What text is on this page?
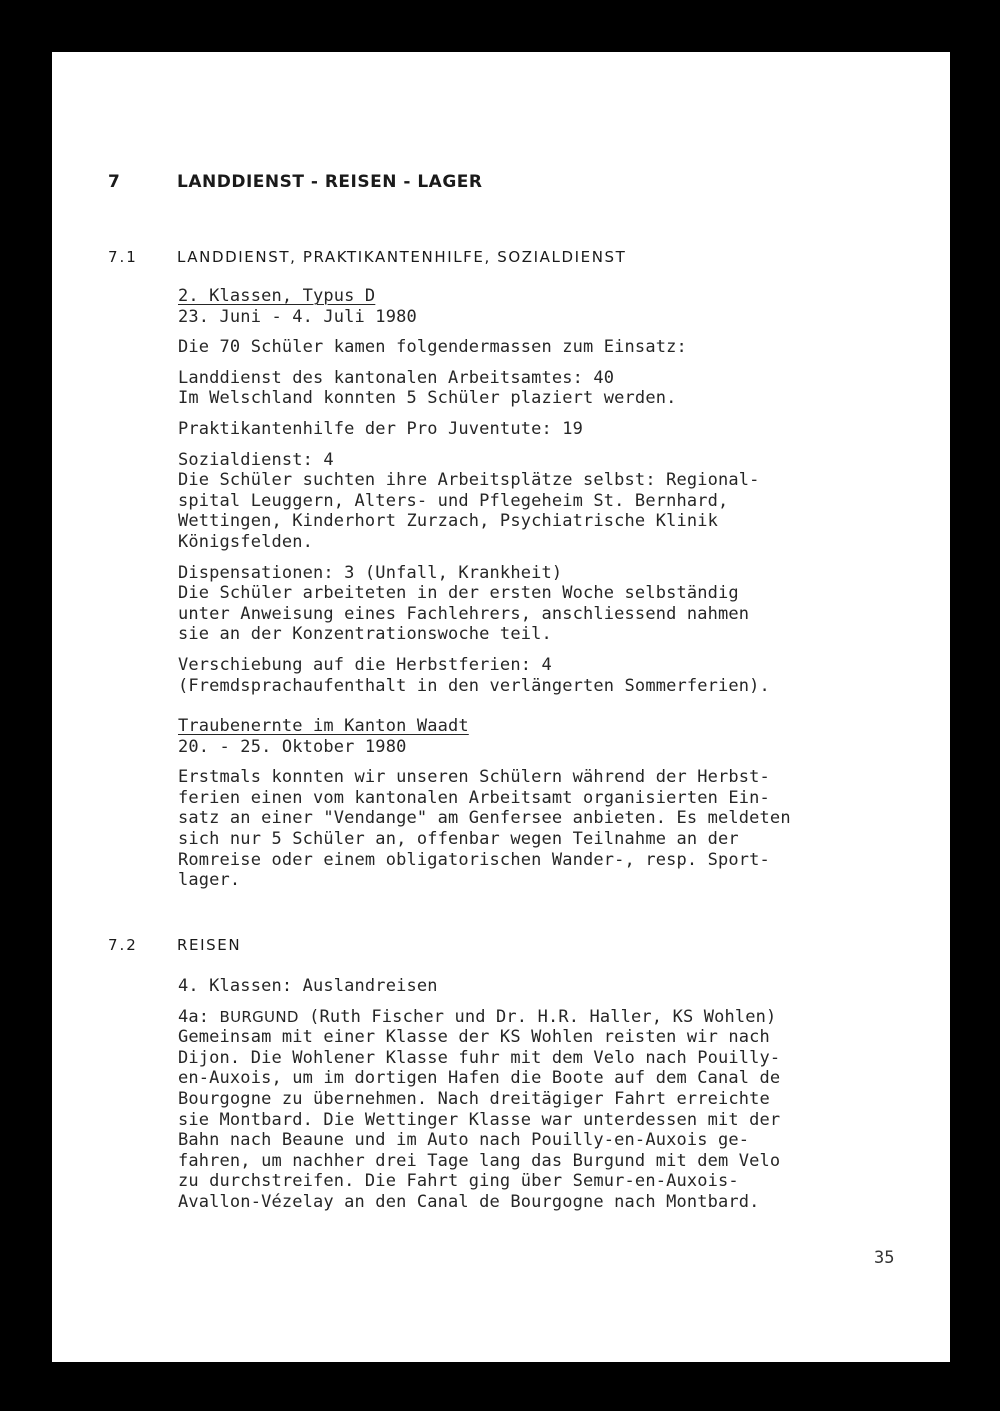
7	LANDDIENST - REISEN - LAGER
7.1	LANDDIENST, PRAKTIKANTENHILFE, SOZIALDIENST
2. Klassen, Typus D
23. Juni - 4. Juli 1980
Die 70 Schüler kamen folgendermassen zum Einsatz:
Landdienst des kantonalen Arbeitsamtes: 40
Im Welschland konnten 5 Schüler plaziert werden.
Praktikantenhilfe der Pro Juventute: 19
Sozialdienst: 4
Die Schüler suchten ihre Arbeitsplätze selbst: Regional-
spital Leuggern, Alters- und Pflegeheim St. Bernhard,
Wettingen, Kinderhort Zurzach, Psychiatrische Klinik
Königsfelden.
Dispensationen: 3 (Unfall, Krankheit)
Die Schüler arbeiteten in der ersten Woche selbständig
unter Anweisung eines Fachlehrers, anschliessend nahmen
sie an der Konzentrationswoche teil.
Verschiebung auf die Herbstferien: 4
(Fremdsprachaufenthalt in den verlängerten Sommerferien).
Traubenernte im Kanton Waadt
20. - 25. Oktober 1980
Erstmals konnten wir unseren Schülern während der Herbst-
ferien einen vom kantonalen Arbeitsamt organisierten Ein-
satz an einer "Vendange" am Genfersee anbieten. Es meldeten
sich nur 5 Schüler an, offenbar wegen Teilnahme an der
Romreise oder einem obligatorischen Wander-, resp. Sport-
lager.
7.2	REISEN
4. Klassen: Auslandreisen
4a: BURGUND (Ruth Fischer und Dr. H.R. Haller, KS Wohlen)
Gemeinsam mit einer Klasse der KS Wohlen reisten wir nach
Dijon. Die Wohlener Klasse fuhr mit dem Velo nach Pouilly-
en-Auxois, um im dortigen Hafen die Boote auf dem Canal de
Bourgogne zu übernehmen. Nach dreitägiger Fahrt erreichte
sie Montbard. Die Wettinger Klasse war unterdessen mit der
Bahn nach Beaune und im Auto nach Pouilly-en-Auxois ge-
fahren, um nachher drei Tage lang das Burgund mit dem Velo
zu durchstreifen. Die Fahrt ging über Semur-en-Auxois-
Avallon-Vézelay an den Canal de Bourgogne nach Montbard.
35
